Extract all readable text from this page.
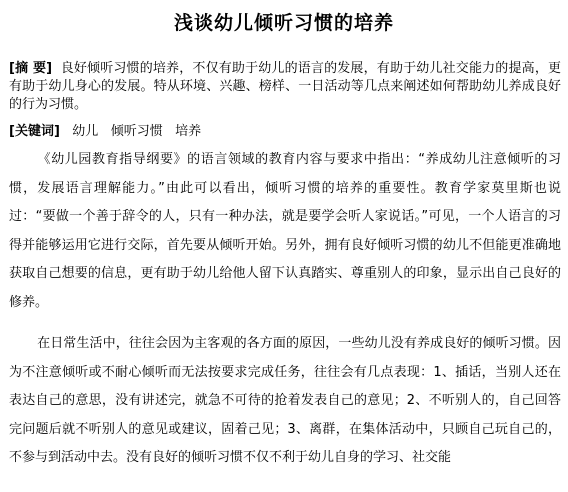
浅谈幼儿倾听习惯的培养
[摘 要] 良好倾听习惯的培养，不仅有助于幼儿的语言的发展，有助于幼儿社交能力的提高，更有助于幼儿身心的发展。特从环境、兴趣、榜样、一日活动等几点来阐述如何帮助幼儿养成良好的行为习惯。
[关键词] 幼儿   倾听习惯   培养
《幼儿园教育指导纲要》的语言领域的教育内容与要求中指出：“养成幼儿注意倾听的习惯，发展语言理解能力。”由此可以看出，倾听习惯的培养的重要性。教育学家莫里斯也说过：“要做一个善于辞令的人，只有一种办法，就是要学会听人家说话。”可见，一个人语言的习得并能够运用它进行交际，首先要从倾听开始。另外，拥有良好倾听习惯的幼儿不但能更准确地获取自己想要的信息，更有助于幼儿给他人留下认真踏实、尊重别人的印象，显示出自己良好的修养。
在日常生活中，往往会因为主客观的各方面的原因，一些幼儿没有养成良好的倾听习惯。因为不注意倾听或不耐心倾听而无法按要求完成任务，往往会有几点表现：1、插话，当别人还在表达自己的意思，没有讲述完，就急不可待的抢着发表自己的意见；2、不听别人的，自己回答完问题后就不听别人的意见或建议，固着己见；3、离群，在集体活动中，只顾自己玩自己的，不参与到活动中去。没有良好的倾听习惯不仅不利于幼儿自身的学习、社交能
